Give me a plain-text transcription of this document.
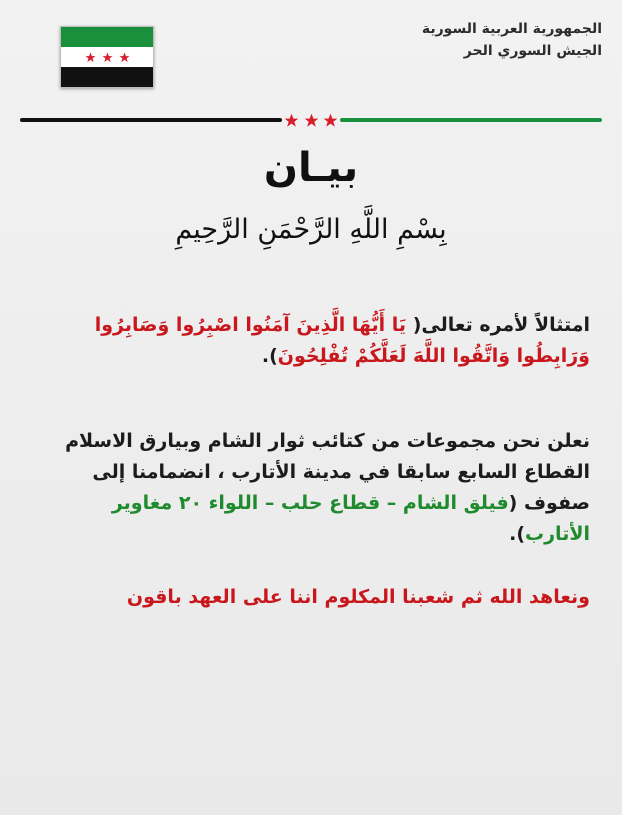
الجمهورية العربية السورية
الجيش السوري الحر
بيـان
بِسْمِ اللَّهِ الرَّحْمَنِ الرَّحِيمِ
امتثالاً لأمره تعالى( يَا أَيُّهَا الَّذِينَ آمَنُوا اصْبِرُوا وَصَابِرُوا وَرَابِطُوا وَاتَّقُوا اللَّهَ لَعَلَّكُمْ تُفْلِحُونَ).
نعلن نحن مجموعات من كتائب ثوار الشام وبيارق الاسلام القطاع السابع سابقا في مدينة الأتارب ، انضمامنا إلى صفوف (فيلق الشام – قطاع حلب – اللواء ٢٠ مغاوير الأتارب).
ونعاهد الله ثم شعبنا المكلوم اننا على العهد باقون
